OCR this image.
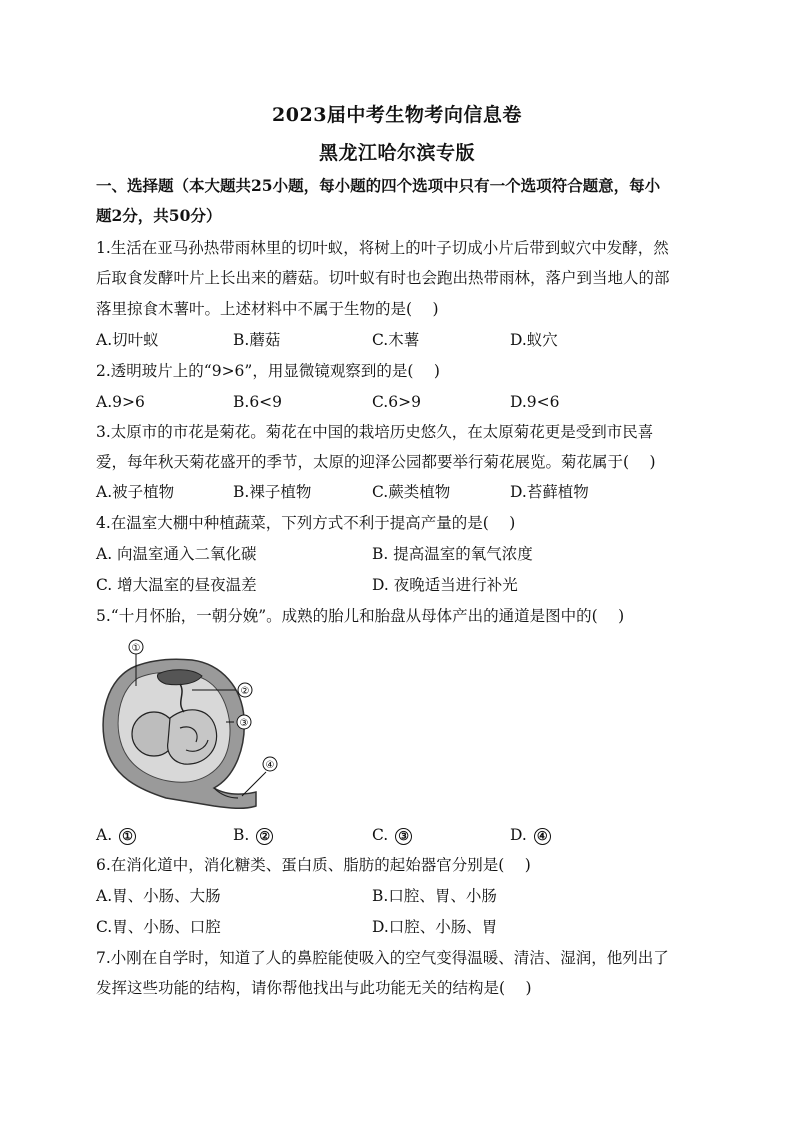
2023届中考生物考向信息卷
黑龙江哈尔滨专版
一、选择题（本大题共25小题，每小题的四个选项中只有一个选项符合题意，每小
题2分，共50分）
1.生活在亚马孙热带雨林里的切叶蚁，将树上的叶子切成小片后带到蚁穴中发酵，然
后取食发酵叶片上长出来的蘑菇。切叶蚁有时也会跑出热带雨林，落户到当地人的部
落里掠食木薯叶。上述材料中不属于生物的是(　 )
A.切叶蚁	B.蘑菇	C.木薯	D.蚁穴
2.透明玻片上的“9>6”，用显微镜观察到的是(　 )
A.9>6	B.6<9	C.6>9	D.9<6
3.太原市的市花是菊花。菊花在中国的栽培历史悠久，在太原菊花更是受到市民喜
爱，每年秋天菊花盛开的季节，太原的迎泽公园都要举行菊花展览。菊花属于(　 )
A.被子植物	B.裸子植物	C.蕨类植物	D.苔藓植物
4.在温室大棚中种植蔬菜，下列方式不利于提高产量的是(　 )
A. 向温室通入二氧化碳	B. 提高温室的氧气浓度
C. 增大温室的昼夜温差	D. 夜晚适当进行补光
5.“十月怀胎，一朝分娩”。成熟的胎儿和胎盘从母体产出的通道是图中的(　 )
①
②
③
④
A. ①	B. ②	C. ③	D. ④
6.在消化道中，消化糖类、蛋白质、脂肪的起始器官分别是(　 )
A.胃、小肠、大肠	B.口腔、胃、小肠
C.胃、小肠、口腔	D.口腔、小肠、胃
7.小刚在自学时，知道了人的鼻腔能使吸入的空气变得温暖、清洁、湿润，他列出了
发挥这些功能的结构，请你帮他找出与此功能无关的结构是(　 )
